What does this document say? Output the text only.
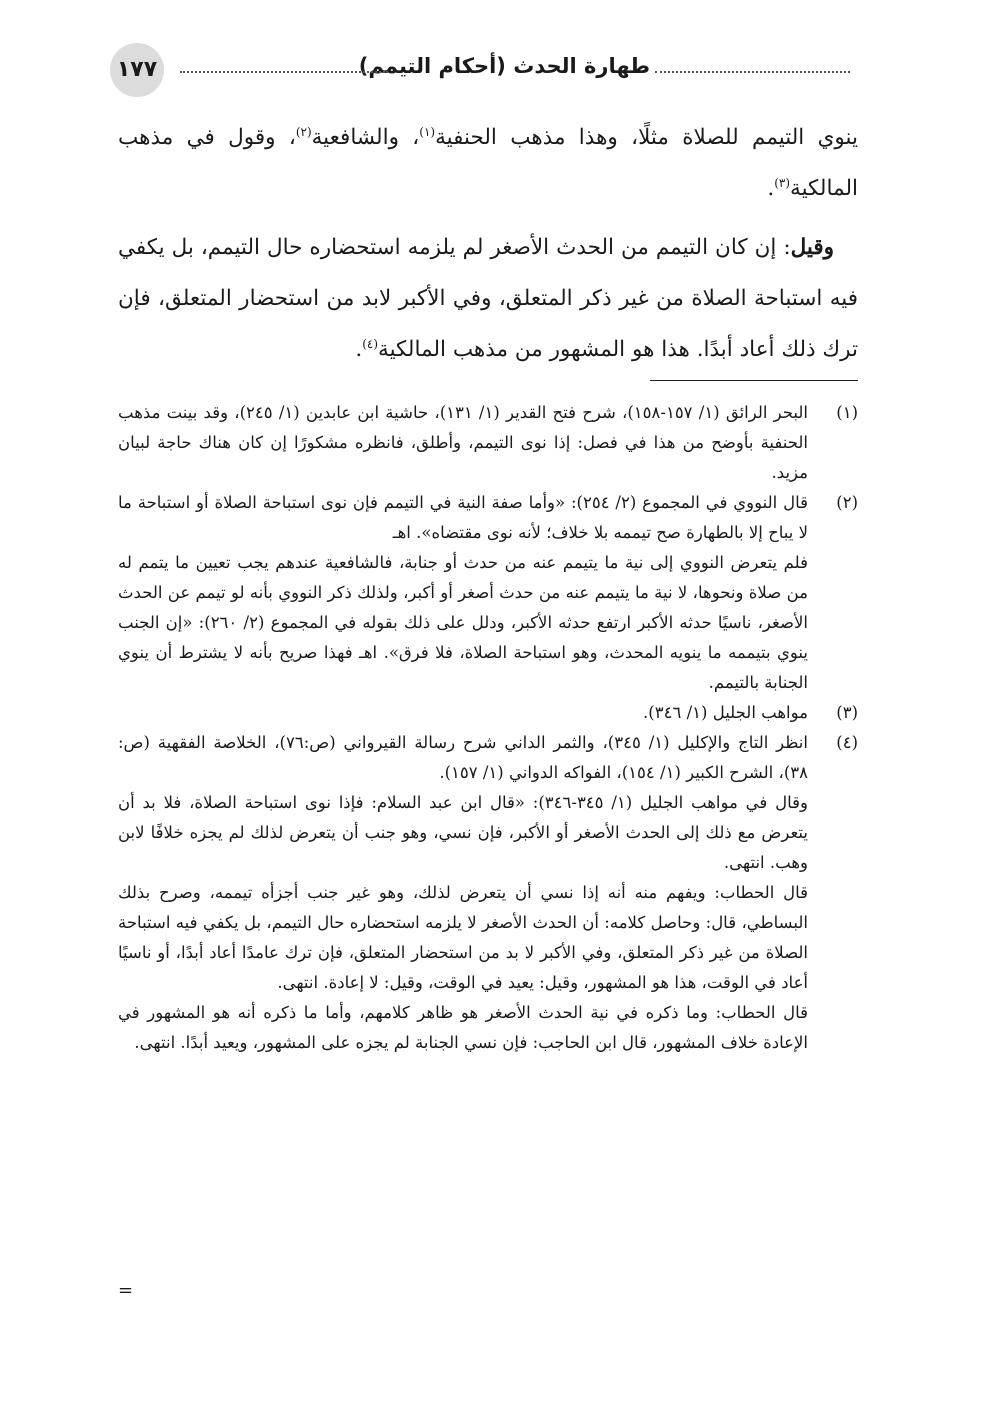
طهارة الحدث (أحكام التيمم)
١٧٧

ينوي التيمم للصلاة مثلًا، وهذا مذهب الحنفية$^{(١)}$، والشافعية$^{(٢)}$، وقول في مذهب المالكية$^{(٣)}$.

وقيل: إن كان التيمم من الحدث الأصغر لم يلزمه استحضاره حال التيمم، بل يكفي فيه استباحة الصلاة من غير ذكر المتعلق، وفي الأكبر لابد من استحضار المتعلق، فإن ترك ذلك أعاد أبدًا. هذا هو المشهور من مذهب المالكية$^{(٤)}$.

(١)

البحر الرائق (١/ ١٥٧-١٥٨)، شرح فتح القدير (١/ ١٣١)، حاشية ابن عابدين (١/ ٢٤٥)، وقد بينت مذهب الحنفية بأوضح من هذا في فصل: إذا نوى التيمم، وأطلق، فانظره مشكورًا إن كان هناك حاجة لبيان مزيد.

(٢)

قال النووي في المجموع (٢/ ٢٥٤): «وأما صفة النية في التيمم فإن نوى استباحة الصلاة أو استباحة ما لا يباح إلا بالطهارة صح تيممه بلا خلاف؛ لأنه نوى مقتضاه». اهـ

فلم يتعرض النووي إلى نية ما يتيمم عنه من حدث أو جنابة، فالشافعية عندهم يجب تعيين ما يتمم له من صلاة ونحوها، لا نية ما يتيمم عنه من حدث أصغر أو أكبر، ولذلك ذكر النووي بأنه لو تيمم عن الحدث الأصغر، ناسيًا حدثه الأكبر ارتفع حدثه الأكبر، ودلل على ذلك بقوله في المجموع (٢/ ٢٦٠): «إن الجنب ينوي بتيممه ما ينويه المحدث، وهو استباحة الصلاة، فلا فرق». اهـ فهذا صريح بأنه لا يشترط أن ينوي الجنابة بالتيمم.

(٣)

مواهب الجليل (١/ ٣٤٦).

(٤)

انظر التاج والإكليل (١/ ٣٤٥)، والثمر الداني شرح رسالة القيرواني (ص:٧٦)، الخلاصة الفقهية (ص: ٣٨)، الشرح الكبير (١/ ١٥٤)، الفواكه الدواني (١/ ١٥٧).

وقال في مواهب الجليل (١/ ٣٤٥-٣٤٦): «قال ابن عبد السلام: فإذا نوى استباحة الصلاة، فلا بد أن يتعرض مع ذلك إلى الحدث الأصغر أو الأكبر، فإن نسي، وهو جنب أن يتعرض لذلك لم يجزه خلافًا لابن وهب. انتهى.

قال الحطاب: ويفهم منه أنه إذا نسي أن يتعرض لذلك، وهو غير جنب أجزأه تيممه، وصرح بذلك البساطي، قال: وحاصل كلامه: أن الحدث الأصغر لا يلزمه استحضاره حال التيمم، بل يكفي فيه استباحة الصلاة من غير ذكر المتعلق، وفي الأكبر لا بد من استحضار المتعلق، فإن ترك عامدًا أعاد أبدًا، أو ناسيًا أعاد في الوقت، هذا هو المشهور، وقيل: يعيد في الوقت، وقيل: لا إعادة. انتهى.

قال الحطاب: وما ذكره في نية الحدث الأصغر هو ظاهر كلامهم، وأما ما ذكره أنه هو المشهور في الإعادة خلاف المشهور، قال ابن الحاجب: فإن نسي الجنابة لم يجزه على المشهور، ويعيد أبدًا. انتهى.

=
